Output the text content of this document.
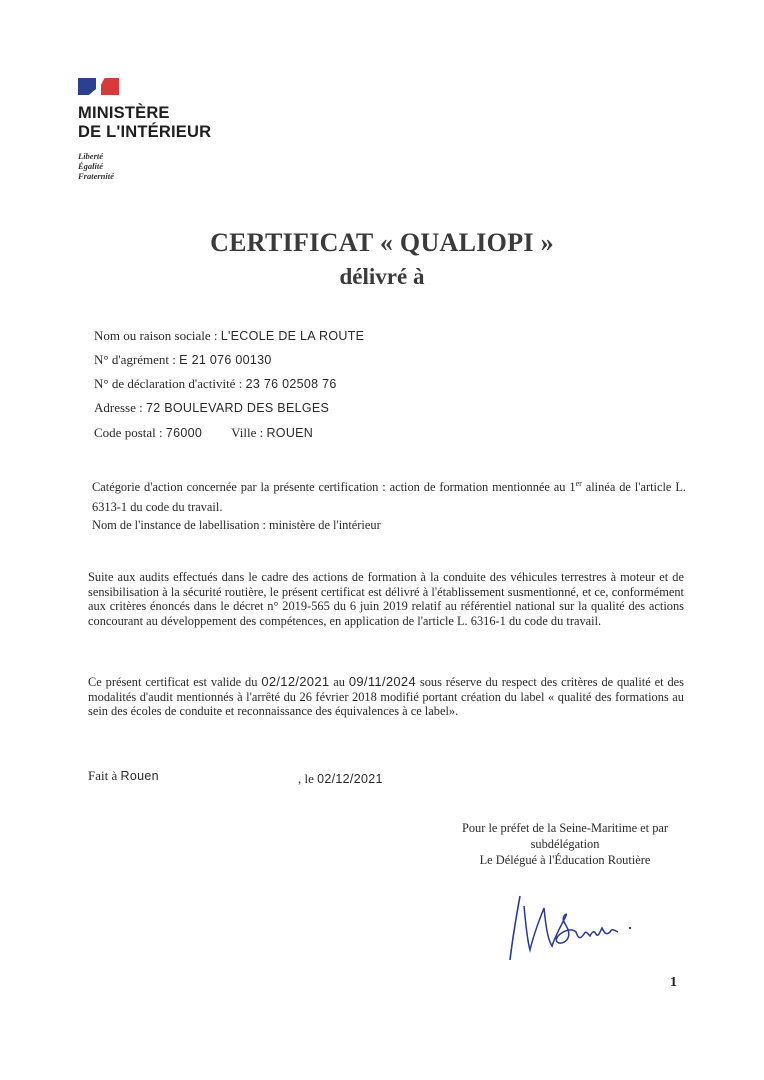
MINISTÈRE
DE L'INTÉRIEUR
Liberté
Égalité
Fraternité
CERTIFICAT « QUALIOPI »
délivré à
Nom ou raison sociale : L'ECOLE DE LA ROUTE
N° d'agrément : E 21 076 00130
N° de déclaration d'activité : 23 76 02508 76
Adresse : 72 BOULEVARD DES BELGES
Code postal : 76000 Ville : ROUEN
Catégorie d'action concernée par la présente certification : action de formation mentionnée au 1er alinéa de l'article L. 6313-1 du code du travail.
Nom de l'instance de labellisation : ministère de l'intérieur
Suite aux audits effectués dans le cadre des actions de formation à la conduite des véhicules terrestres à moteur et de sensibilisation à la sécurité routière, le présent certificat est délivré à l'établissement susmentionné, et ce, conformément aux critères énoncés dans le décret n° 2019-565 du 6 juin 2019 relatif au référentiel national sur la qualité des actions concourant au développement des compétences, en application de l'article L. 6316-1 du code du travail.
Ce présent certificat est valide du 02/12/2021 au 09/11/2024 sous réserve du respect des critères de qualité et des modalités d'audit mentionnés à l'arrêté du 26 février 2018 modifié portant création du label « qualité des formations au sein des écoles de conduite et reconnaissance des équivalences à ce label».
Fait à Rouen	, le 02/12/2021
Pour le préfet de la Seine-Maritime et par
subdélégation
Le Délégué à l'Éducation Routière
1
